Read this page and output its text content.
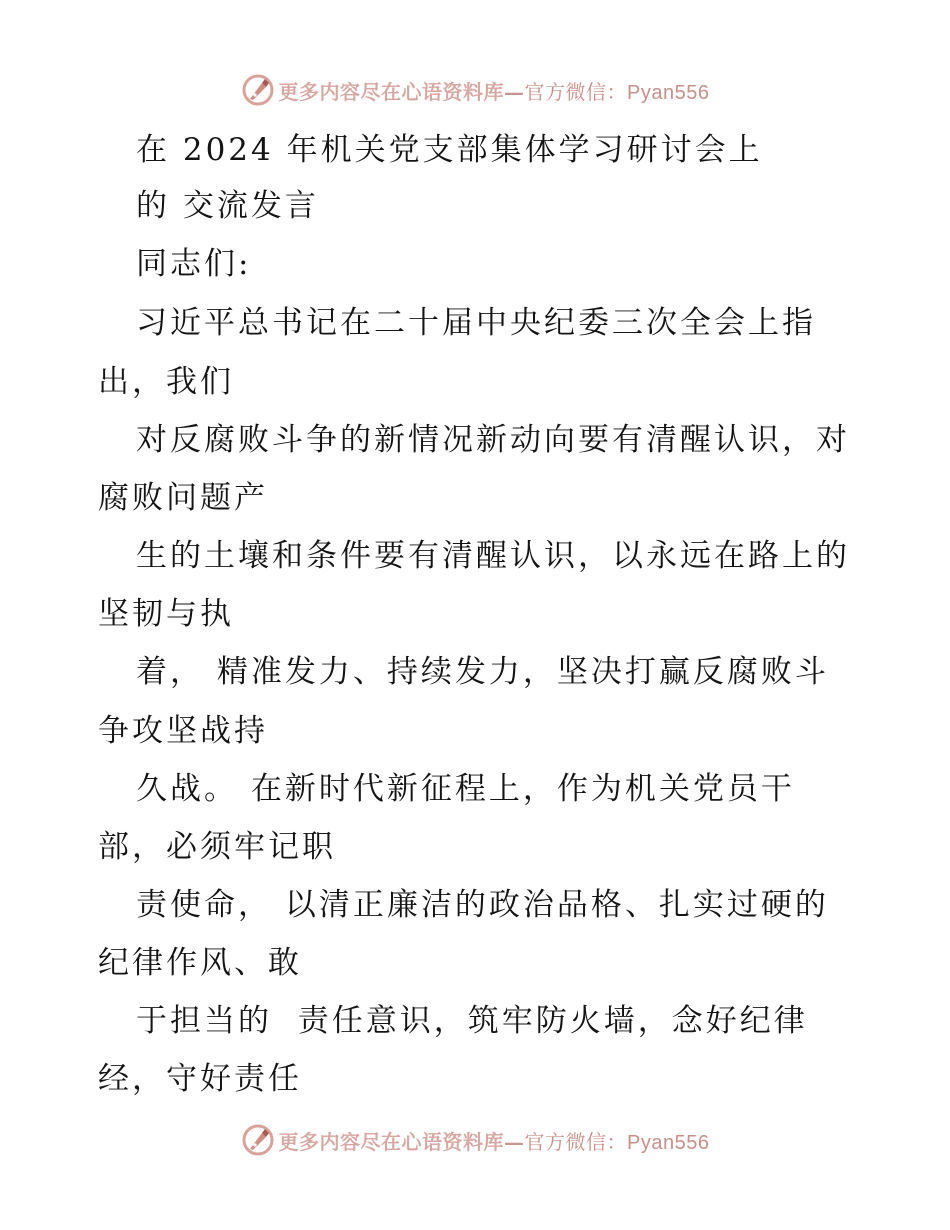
更多内容尽在心语资料库—官方微信：Pyan556
在 2024 年机关党支部集体学习研讨会上
的 交流发言
同志们:
习近平总书记在二十届中央纪委三次全会上指
出，我们
对反腐败斗争的新情况新动向要有清醒认识，对
腐败问题产
生的土壤和条件要有清醒认识，以永远在路上的
坚韧与执
着， 精准发力、持续发力，坚决打赢反腐败斗
争攻坚战持
久战。 在新时代新征程上，作为机关党员干
部，必须牢记职
责使命， 以清正廉洁的政治品格、扎实过硬的
纪律作风、敢
于担当的  责任意识，筑牢防火墙，念好纪律
经，守好责任
更多内容尽在心语资料库—官方微信：Pyan556
